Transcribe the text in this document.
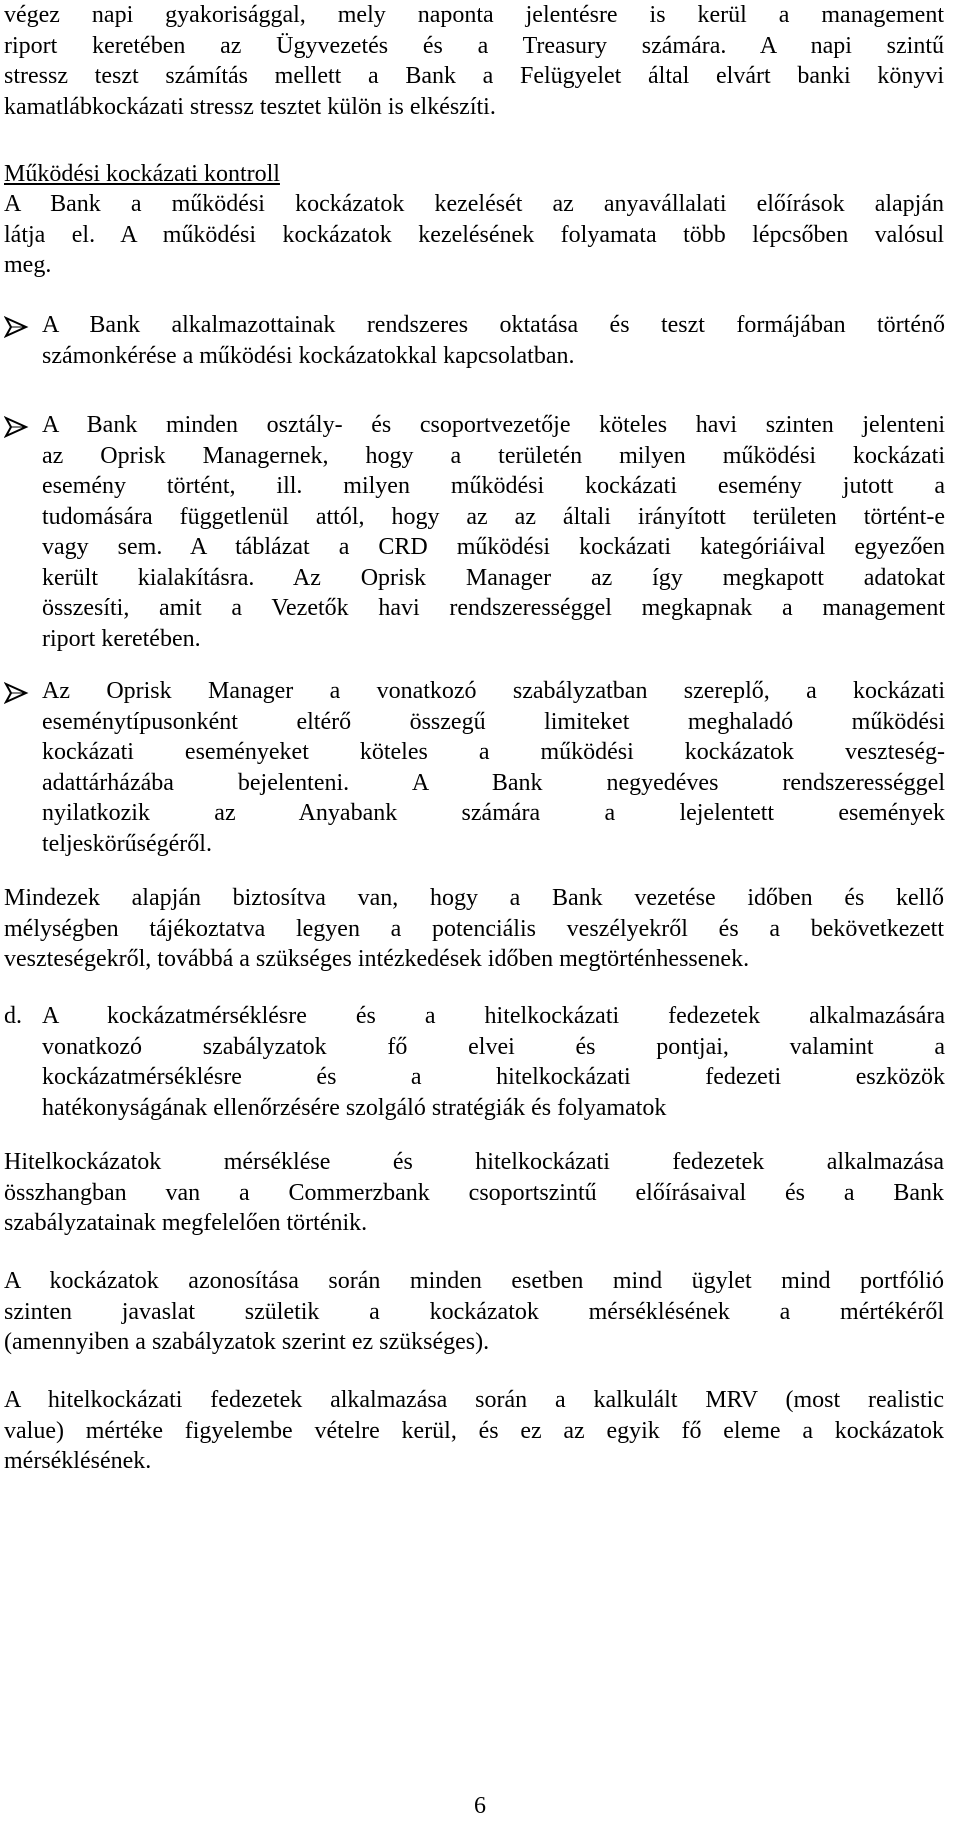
végez napi gyakorisággal, mely naponta jelentésre is kerül a management
riport keretében az Ügyvezetés és a Treasury számára. A napi szintű
stressz teszt számítás mellett a Bank a Felügyelet által elvárt banki könyvi
kamatlábkockázati stressz tesztet külön is elkészíti.
Működési kockázati kontroll
A Bank a működési kockázatok kezelését az anyavállalati előírások alapján
látja el. A működési kockázatok kezelésének folyamata több lépcsőben valósul
meg.
A Bank alkalmazottainak rendszeres oktatása és teszt formájában történő
számonkérése a működési kockázatokkal kapcsolatban.
A Bank minden osztály- és csoportvezetője köteles havi szinten jelenteni
az Oprisk Managernek, hogy a területén milyen működési kockázati
esemény történt, ill. milyen működési kockázati esemény jutott a
tudomására függetlenül attól, hogy az az általi irányított területen történt-e
vagy sem. A táblázat a CRD működési kockázati kategóriáival egyezően
került kialakításra. Az Oprisk Manager az így megkapott adatokat
összesíti, amit a Vezetők havi rendszerességgel megkapnak a management
riport keretében.
Az Oprisk Manager a vonatkozó szabályzatban szereplő, a kockázati
eseménytípusonként eltérő összegű limiteket meghaladó működési
kockázati eseményeket köteles a működési kockázatok veszteség-
adattárházába bejelenteni. A Bank negyedéves rendszerességgel
nyilatkozik az Anyabank számára a lejelentett események
teljeskörűségéről.
Mindezek alapján biztosítva van, hogy a Bank vezetése időben és kellő
mélységben tájékoztatva legyen a potenciális veszélyekről és a bekövetkezett
veszteségekről, továbbá a szükséges intézkedések időben megtörténhessenek.
d. A kockázatmérséklésre és a hitelkockázati fedezetek alkalmazására
vonatkozó szabályzatok fő elvei és pontjai, valamint a
kockázatmérséklésre és a hitelkockázati fedezeti eszközök
hatékonyságának ellenőrzésére szolgáló stratégiák és folyamatok
Hitelkockázatok mérséklése és hitelkockázati fedezetek alkalmazása
összhangban van a Commerzbank csoportszintű előírásaival és a Bank
szabályzatainak megfelelően történik.
A kockázatok azonosítása során minden esetben mind ügylet mind portfólió
szinten javaslat születik a kockázatok mérséklésének a mértékéről
(amennyiben a szabályzatok szerint ez szükséges).
A hitelkockázati fedezetek alkalmazása során a kalkulált MRV (most realistic
value) mértéke figyelembe vételre kerül, és ez az egyik fő eleme a kockázatok
mérséklésének.
6
